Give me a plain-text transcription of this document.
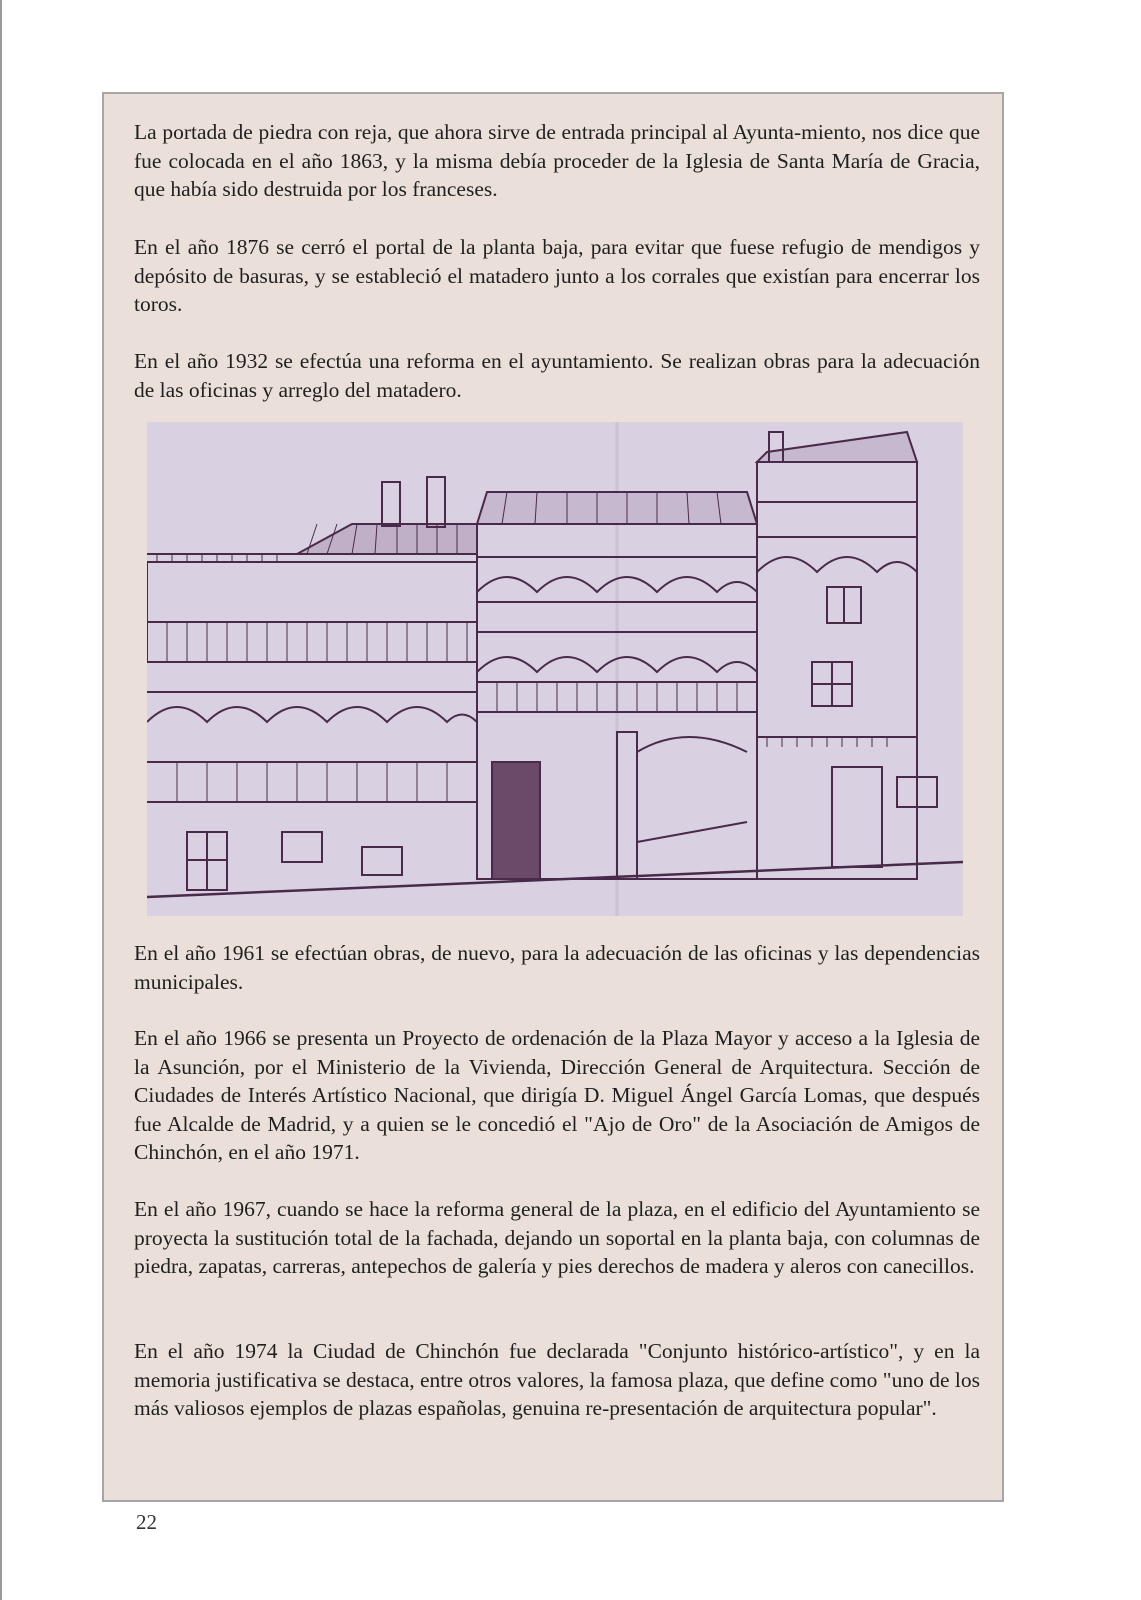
La portada de piedra con reja, que ahora sirve de entrada principal al Ayunta-miento, nos dice que fue colocada en el año 1863, y la misma debía proceder de la Iglesia de Santa María de Gracia, que había sido destruida por los franceses.

En el año 1876 se cerró el portal de la planta baja, para evitar que fuese refugio de mendigos y depósito de basuras, y se estableció el matadero junto a los corrales que existían para encerrar los toros.

En el año 1932 se efectúa una reforma en el ayuntamiento. Se realizan obras para la adecuación de las oficinas y arreglo del matadero.

En el año 1961 se efectúan obras, de nuevo, para la adecuación de las oficinas y las dependencias municipales.

En el año 1966 se presenta un Proyecto de ordenación de la Plaza Mayor y acceso a la Iglesia de la Asunción, por el Ministerio de la Vivienda, Dirección General de Arquitectura. Sección de Ciudades de Interés Artístico Nacional, que dirigía D. Miguel Ángel García Lomas, que después fue Alcalde de Madrid, y a quien se le concedió el "Ajo de Oro" de la Asociación de Amigos de Chinchón, en el año 1971.

En el año 1967, cuando se hace la reforma general de la plaza, en el edificio del Ayuntamiento se proyecta la sustitución total de la fachada, dejando un soportal en la planta baja, con columnas de piedra, zapatas, carreras, antepechos de galería y pies derechos de madera y aleros con canecillos.

En el año 1974 la Ciudad de Chinchón fue declarada "Conjunto histórico-artístico", y en la memoria justificativa se destaca, entre otros valores, la famosa plaza, que define como "uno de los más valiosos ejemplos de plazas españolas, genuina re-presentación de arquitectura popular".

22
